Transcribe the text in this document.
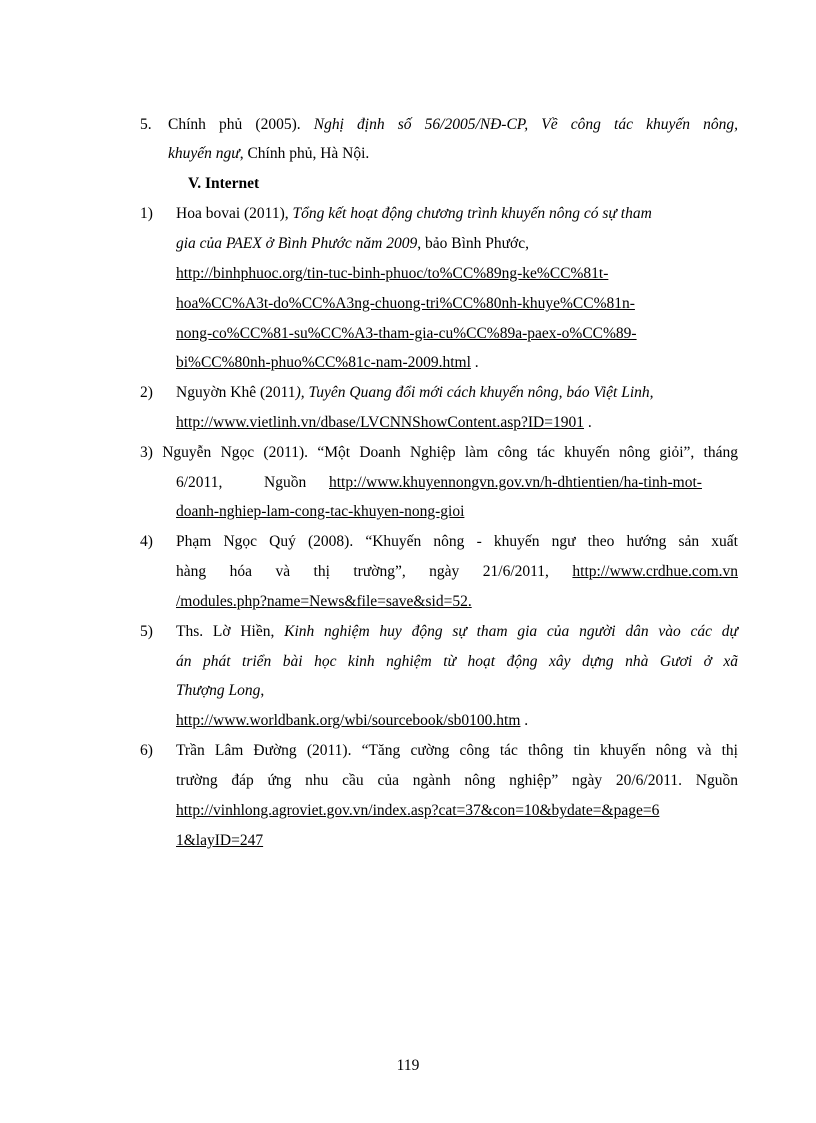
5. Chính phủ (2005). Nghị định số 56/2005/NĐ-CP, Về công tác khuyến nông,
khuyến ngư, Chính phủ, Hà Nội.
V. Internet
1) Hoa bovai (2011), Tổng kết hoạt động chương trình khuyến nông có sự tham
gia của PAEX ở Bình Phước năm 2009, bảo Bình Phước,
http://binhphuoc.org/tin-tuc-binh-phuoc/to%CC%89ng-ke%CC%81t-
hoa%CC%A3t-do%CC%A3ng-chuong-tri%CC%80nh-khuye%CC%81n-
nong-co%CC%81-su%CC%A3-tham-gia-cu%CC%89a-paex-o%CC%89-
bi%CC%80nh-phuo%CC%81c-nam-2009.html .
2) Nguyờn Khê (2011), Tuyên Quang đổi mới cách khuyến nông, báo Việt Linh,
http://www.vietlinh.vn/dbase/LVCNNShowContent.asp?ID=1901 .
3) Nguyễn Ngọc (2011). “Một Doanh Nghiệp làm công tác khuyến nông giỏi”, tháng
6/2011,	Nguồn http://www.khuyennongvn.gov.vn/h-dhtientien/ha-tinh-mot-
doanh-nghiep-lam-cong-tac-khuyen-nong-gioi
4) Phạm Ngọc Quý (2008). “Khuyến nông - khuyến ngư theo hướng sản xuất
hàng hóa và thị trường”, ngày 21/6/2011, http://www.crdhue.com.vn
/modules.php?name=News&file=save&sid=52.
5) Ths. Lờ Hiền, Kinh nghiệm huy động sự tham gia của người dân vào các dự
án phát triển bài học kinh nghiệm từ hoạt động xây dựng nhà Gươi ở xã
Thượng Long,
http://www.worldbank.org/wbi/sourcebook/sb0100.htm .
6) Trần Lâm Đường (2011). “Tăng cường công tác thông tin khuyến nông và thị
trường đáp ứng nhu cầu của ngành nông nghiệp” ngày 20/6/2011. Nguồn
http://vinhlong.agroviet.gov.vn/index.asp?cat=37&con=10&bydate=&page=6
1&layID=247
119
